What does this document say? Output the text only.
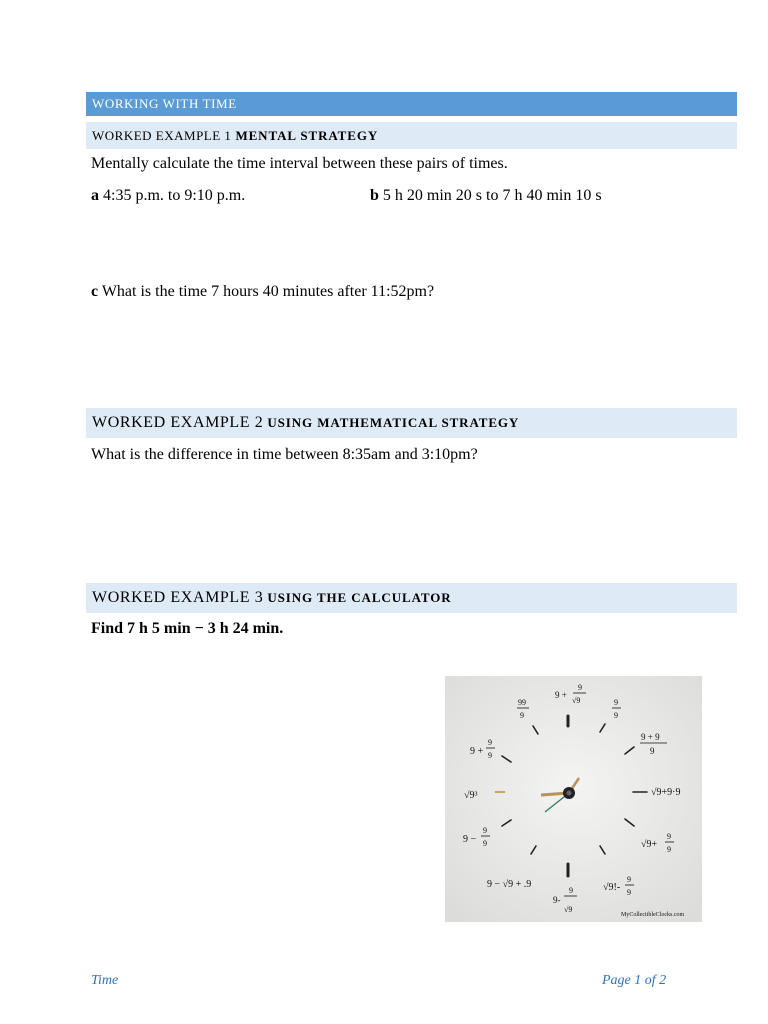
WORKING WITH TIME
WORKED EXAMPLE 1 MENTAL STRATEGY
Mentally calculate the time interval between these pairs of times.
a 4:35 p.m. to 9:10 p.m.	b 5 h 20 min 20 s to 7 h 40 min 10 s
c What is the time 7 hours 40 minutes after 11:52pm?
WORKED EXAMPLE 2 USING MATHEMATICAL STRATEGY
What is the difference in time between 8:35am and 3:10pm?
WORKED EXAMPLE 3 USING THE CALCULATOR
Find 7 h 5 min − 3 h 24 min.
9 +
9
√9	9
9
9 + 9
9
√9+9·9
√9+
9
9
√9!-
9
9
9-
9
√9
9 − √9 + .9
9 −
9
9
√9³
9 +
9
9
99
9
MyCollectibleClocks.com
Time	Page 1 of 2
